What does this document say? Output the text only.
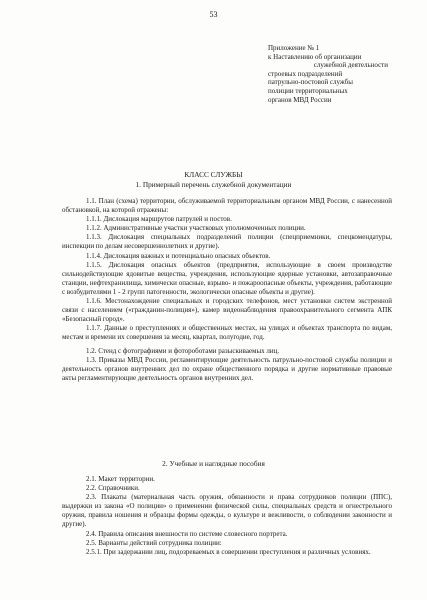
53
Приложение № 1
к Наставлению об организации
служебной деятельности
строевых подразделений
патрульно-постовой службы
полиции территориальных
органов МВД России
КЛАСС СЛУЖБЫ
1. Примерный перечень служебной документации

1.1. План (схема) территории, обслуживаемой территориальным органом МВД России, с нанесенной обстановкой, на которой отражены:

1.1.1. Дислокация маршрутов патрулей и постов.

1.1.2. Административные участки участковых уполномоченных полиции.

1.1.3. Дислокация специальных подразделений полиции (спецприемники, спецкомендатуры, инспекции по делам несовершеннолетних и другие).

1.1.4. Дислокация важных и потенциально опасных объектов.

1.1.5. Дислокация опасных объектов (предприятия, использующие в своем производстве сильнодействующие ядовитые вещества, учреждения, использующие ядерные установки, автозаправочные станции, нефтехранилища, химически опасные, взрыво- и пожароопасные объекты, учреждения, работающие с возбудителями 1 - 2 групп патогенности, экологически опасные объекты и другие).

1.1.6. Местонахождение специальных и городских телефонов, мест установки систем экстренной связи с населением («гражданин-полиция»), камер видеонаблюдения правоохранительного сегмента АПК «Безопасный город».

1.1.7. Данные о преступлениях и общественных местах, на улицах и объектах транспорта по видам, местам и времени их совершения за месяц, квартал, полугодие, год.

1.2. Стенд с фотографиями и фотороботами разыскиваемых лиц.

1.3. Приказы МВД России, регламентирующие деятельность патрульно-постовой службы полиции и деятельность органов внутренних дел по охране общественного порядка и другие нормативные правовые акты регламентирующие деятельность органов внутренних дел.

2. Учебные и наглядные пособия

2.1. Макет территории.

2.2. Справочники.

2.3. Плакаты (материальная часть оружия, обязанности и права сотрудников полиции (ППС), выдержки из закона «О полиции» о применении физической силы, специальных средств и огнестрельного оружия, правила ношения и образцы формы одежды, о культуре и вежливости, о соблюдении законности и другие).

2.4. Правила описания внешности по системе словесного портрета.

2.5. Варианты действий сотрудника полиции:

2.5.1. При задержании лиц, подозреваемых в совершении преступления и различных условиях.
